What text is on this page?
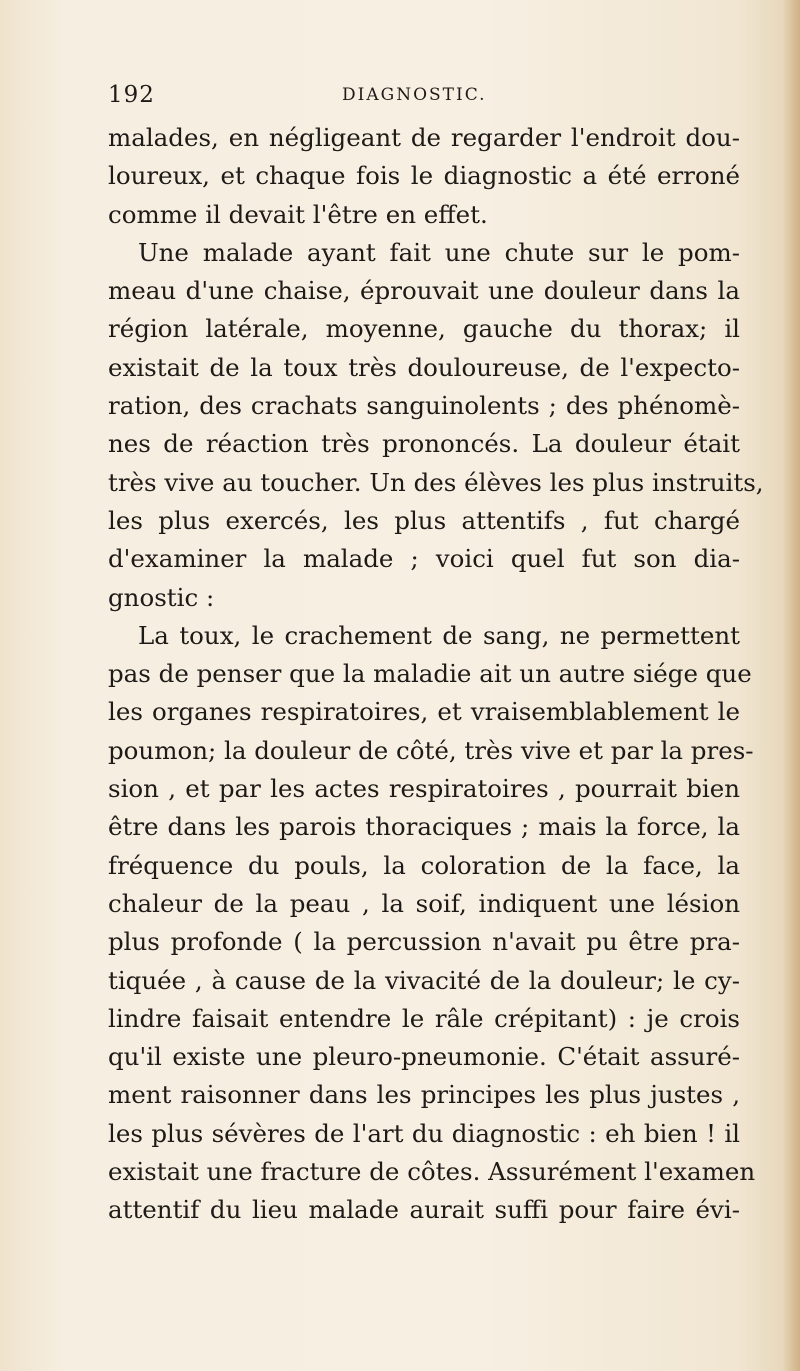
192	DIAGNOSTIC.
malades, en négligeant de regarder l'endroit dou-
loureux, et chaque fois le diagnostic a été erroné
comme il devait l'être en effet.
Une malade ayant fait une chute sur le pom-
meau d'une chaise, éprouvait une douleur dans la
région latérale, moyenne, gauche du thorax; il
existait de la toux très douloureuse, de l'expecto-
ration, des crachats sanguinolents ; des phénomè-
nes de réaction très prononcés. La douleur était
très vive au toucher. Un des élèves les plus instruits,
les plus exercés, les plus attentifs , fut chargé
d'examiner la malade ; voici quel fut son dia-
gnostic :
La toux, le crachement de sang, ne permettent
pas de penser que la maladie ait un autre siége que
les organes respiratoires, et vraisemblablement le
poumon; la douleur de côté, très vive et par la pres-
sion , et par les actes respiratoires , pourrait bien
être dans les parois thoraciques ; mais la force, la
fréquence du pouls, la coloration de la face, la
chaleur de la peau , la soif, indiquent une lésion
plus profonde ( la percussion n'avait pu être pra-
tiquée , à cause de la vivacité de la douleur; le cy-
lindre faisait entendre le râle crépitant) : je crois
qu'il existe une pleuro-pneumonie. C'était assuré-
ment raisonner dans les principes les plus justes ,
les plus sévères de l'art du diagnostic : eh bien ! il
existait une fracture de côtes. Assurément l'examen
attentif du lieu malade aurait suffi pour faire évi-
